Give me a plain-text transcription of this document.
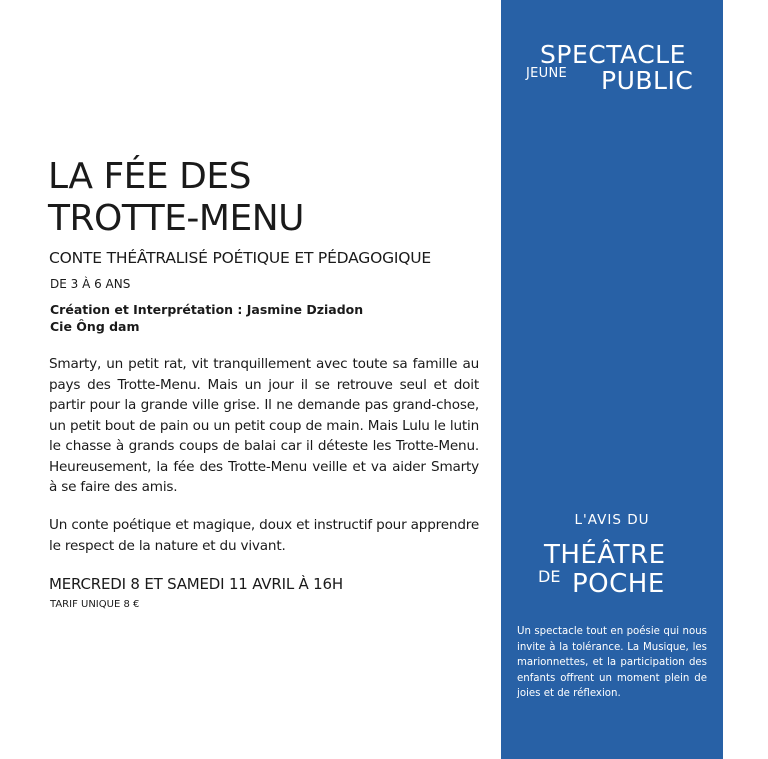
LA FÉE DES
TROTTE-MENU
CONTE THÉÂTRALISÉ POÉTIQUE ET PÉDAGOGIQUE
DE 3 À 6 ANS
Création et Interprétation : Jasmine Dziadon
Cie Ông dam

Smarty, un petit rat, vit tranquillement avec toute sa famille au pays des Trotte-Menu. Mais un jour il se retrouve seul et doit partir pour la grande ville grise. Il ne demande pas grand-chose, un petit bout de pain ou un petit coup de main. Mais Lulu le lutin le chasse à grands coups de balai car il déteste les Trotte-Menu. Heureusement, la fée des Trotte-Menu veille et va aider Smarty à se faire des amis.

Un conte poétique et magique, doux et instructif pour apprendre le respect de la nature et du vivant.

MERCREDI 8 ET SAMEDI 11 AVRIL À 16H
TARIF UNIQUE 8 €
SPECTACLE
JEUNE PUBLIC
L'AVIS DU
THÉÂTRE
DE POCHE

Un spectacle tout en poésie qui nous invite à la tolérance. La Musique, les marionnettes, et la participation des enfants offrent un moment plein de joies et de réflexion.
